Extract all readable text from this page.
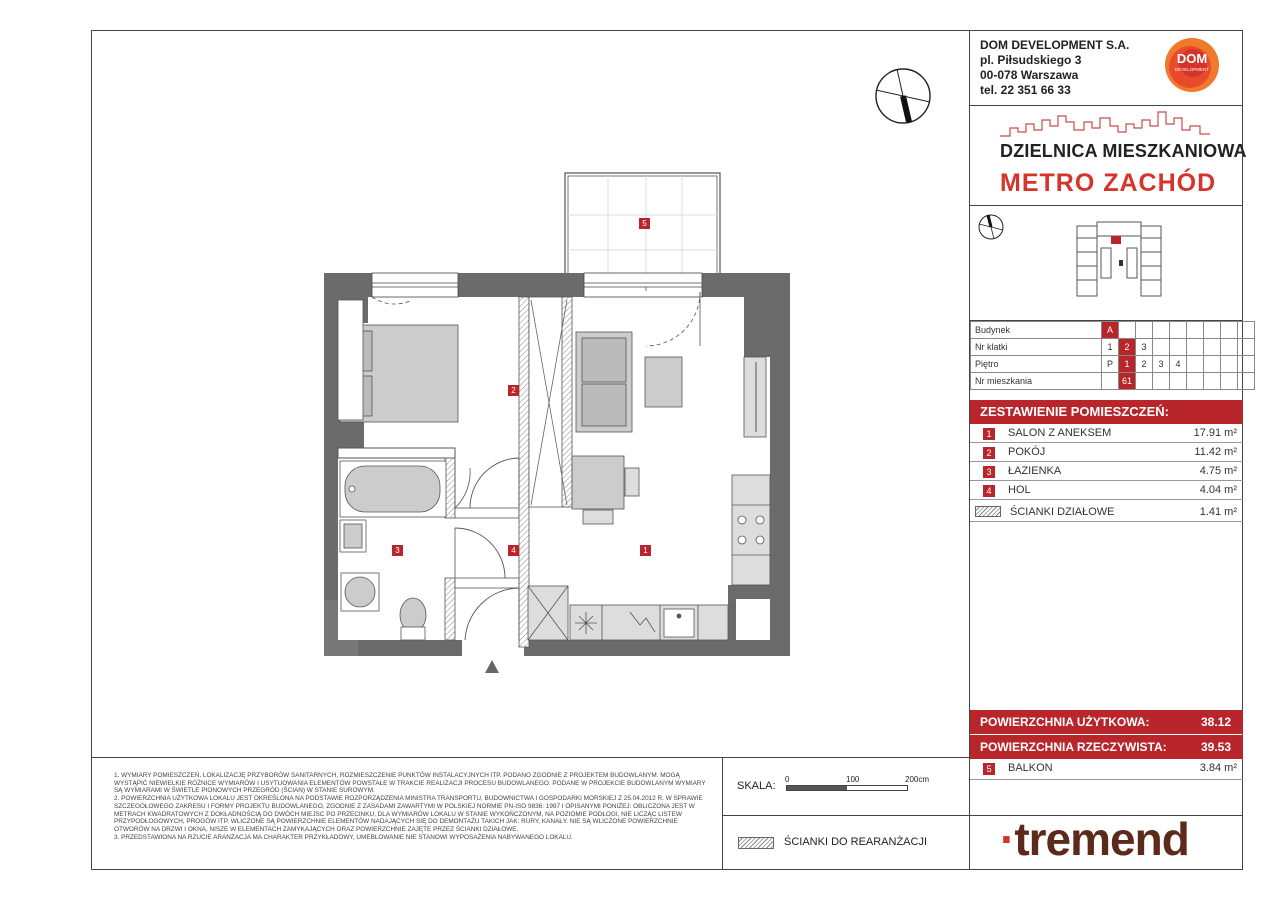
5
2
3	4	1
DOM DEVELOPMENT S.A.
pl. Piłsudskiego 3
00-078 Warszawa
tel. 22 351 66 33
DOM
DEVELOPMENT
DZIELNICA MIESZKANIOWA
METRO ZACHÓD
Budynek	A								
Nr klatki	1	2	3						
Piętro	P	1	2	3	4				
Nr mieszkania		61							
ZESTAWIENIE POMIESZCZEŃ:
1	SALON Z ANEKSEM	17.91 m²
2	POKÓJ	11.42 m²
3	ŁAZIENKA	4.75 m²
4	HOL	4.04 m²
ŚCIANKI DZIAŁOWE	1.41 m²
POWIERZCHNIA UŻYTKOWA:	38.12
POWIERZCHNIA RZECZYWISTA:	39.53
5	BALKON	3.84 m²
·tremend

1. WYMIARY POMIESZCZEŃ, LOKALIZACJĘ PRZYBORÓW SANITARNYCH, ROZMIESZCZENIE PUNKTÓW INSTALACYJNYCH ITP. PODANO ZGODNIE Z PROJEKTEM BUDOWLANYM. MOGĄ WYSTĄPIĆ NIEWIELKIE RÓŻNICE WYMIARÓW I USYTUOWANIA ELEMENTÓW POWSTAŁE W TRAKCIE REALIZACJI PROCESU BUDOWLANEGO. PODANE W PROJEKCIE BUDOWLANYM WYMIARY SĄ WYMIARAMI W ŚWIETLE PIONOWYCH PRZEGRÓD (ŚCIAN) W STANIE SUROWYM.

2. POWIERZCHNIA UŻYTKOWA LOKALU JEST OKREŚLONA NA PODSTAWIE ROZPORZĄDZENIA MINISTRA TRANSPORTU, BUDOWNICTWA I GOSPODARKI MORSKIEJ Z 25.04.2012 R. W SPRAWIE SZCZEGÓŁOWEGO ZAKRESU I FORMY PROJEKTU BUDOWLANEGO, ZGODNIE Z ZASADAMI ZAWARTYMI W POLSKIEJ NORMIE PN-ISO 9836: 1997 I OPISANYMI PONIŻEJ: OBLICZONA JEST W METRACH KWADRATOWYCH Z DOKŁADNOŚCIĄ DO DWÓCH MIEJSC PO PRZECINKU, DLA WYMIARÓW LOKALU W STANIE WYKOŃCZONYM, NA POZIOMIE PODŁOGI, NIE LICZĄC LISTEW PRZYPODŁOGOWYCH, PROGÓW ITP. WLICZONE SĄ POWIERZCHNIE ELEMENTÓW NADAJĄCYCH SIĘ DO DEMONTAŻU TAKICH JAK: RURY, KANAŁY. NIE SĄ WLICZONE POWIERZCHNIE OTWORÓW NA DRZWI I OKNA, NISZE W ELEMENTACH ZAMYKAJĄCYCH ORAZ POWIERZCHNIE ZAJĘTE PRZEZ ŚCIANKI DZIAŁOWE.

3. PRZEDSTAWIONA NA RZUCIE ARANŻACJA MA CHARAKTER PRZYKŁADOWY, UMEBLOWANIE NIE STANOWI WYPOSAŻENIA NABYWANEGO LOKALU.

SKALA:
0	100	200cm
ŚCIANKI DO REARANŻACJI
